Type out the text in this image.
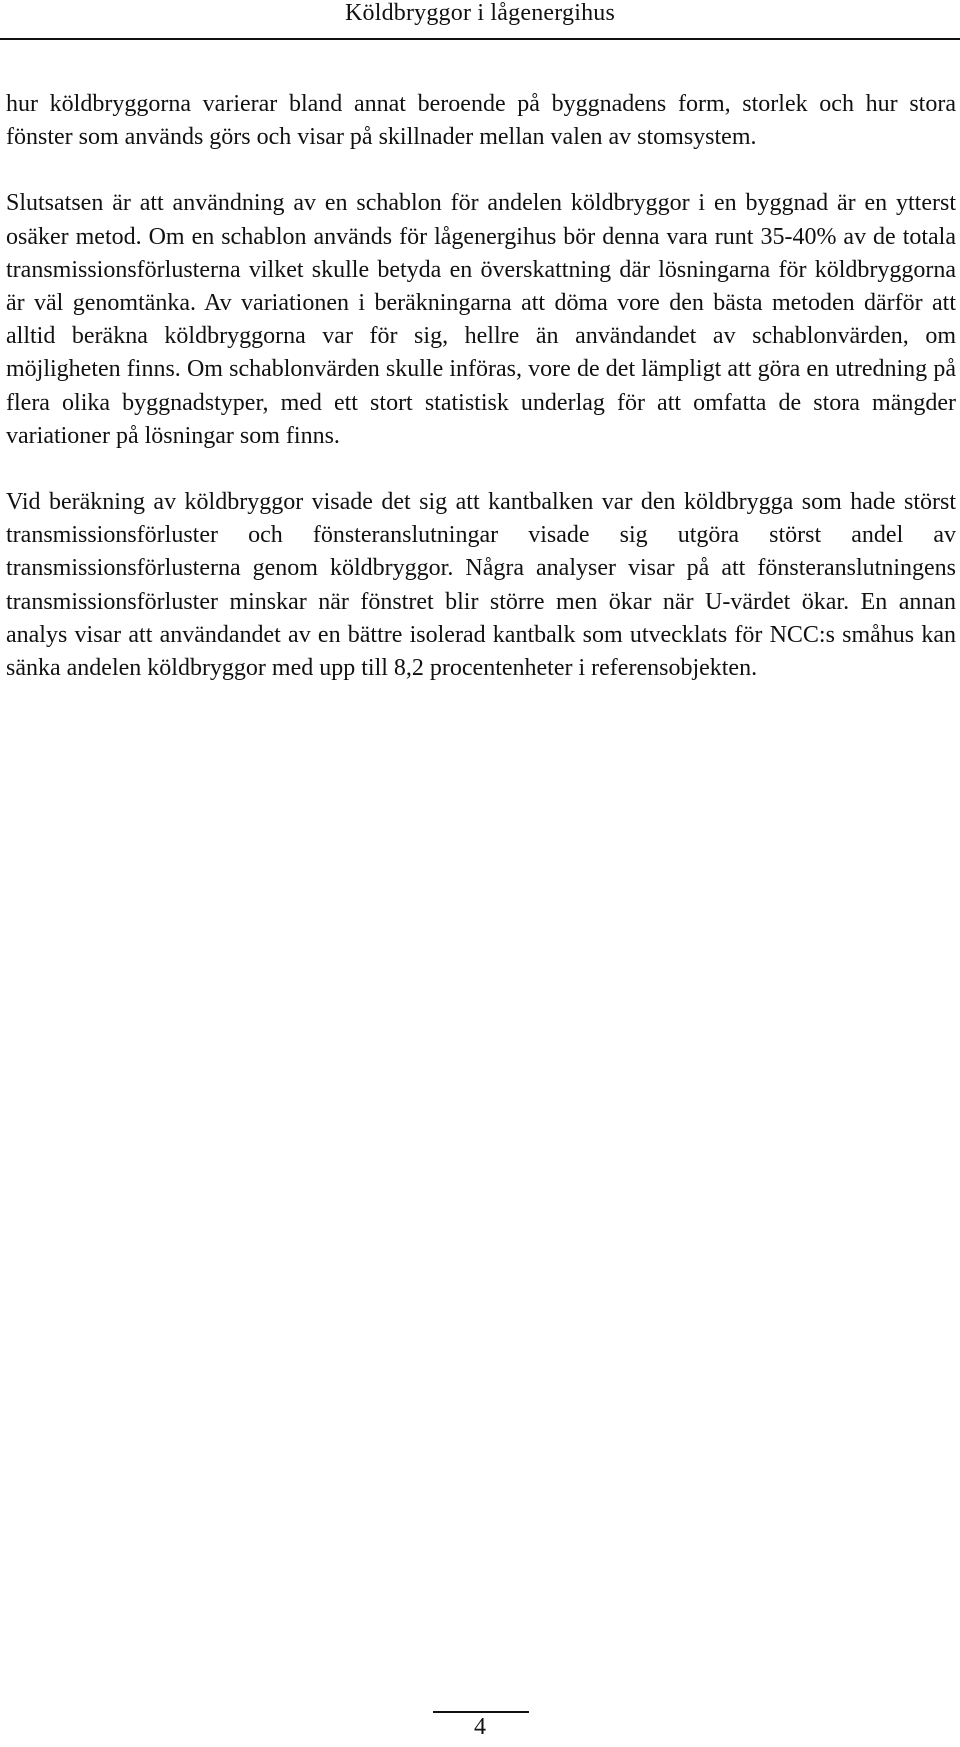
Köldbryggor i lågenergihus

hur köldbryggorna varierar bland annat beroende på byggnadens form, storlek och hur stora fönster som används görs och visar på skillnader mellan valen av stomsystem.

Slutsatsen är att användning av en schablon för andelen köldbryggor i en byggnad är en ytterst osäker metod. Om en schablon används för lågenergihus bör denna vara runt 35-40% av de totala transmissionsförlusterna vilket skulle betyda en överskattning där lösningarna för köldbryggorna är väl genomtänka. Av variationen i beräkningarna att döma vore den bästa metoden därför att alltid beräkna köldbryggorna var för sig, hellre än användandet av schablonvärden, om möjligheten finns. Om schablonvärden skulle införas, vore de det lämpligt att göra en utredning på flera olika byggnadstyper, med ett stort statistisk underlag för att omfatta de stora mängder variationer på lösningar som finns.

Vid beräkning av köldbryggor visade det sig att kantbalken var den köldbrygga som hade störst transmissionsförluster och fönsteranslutningar visade sig utgöra störst andel av transmissionsförlusterna genom köldbryggor. Några analyser visar på att fönsteranslutningens transmissionsförluster minskar när fönstret blir större men ökar när U-värdet ökar. En annan analys visar att användandet av en bättre isolerad kantbalk som utvecklats för NCC:s småhus kan sänka andelen köldbryggor med upp till 8,2 procentenheter i referensobjekten.

4
